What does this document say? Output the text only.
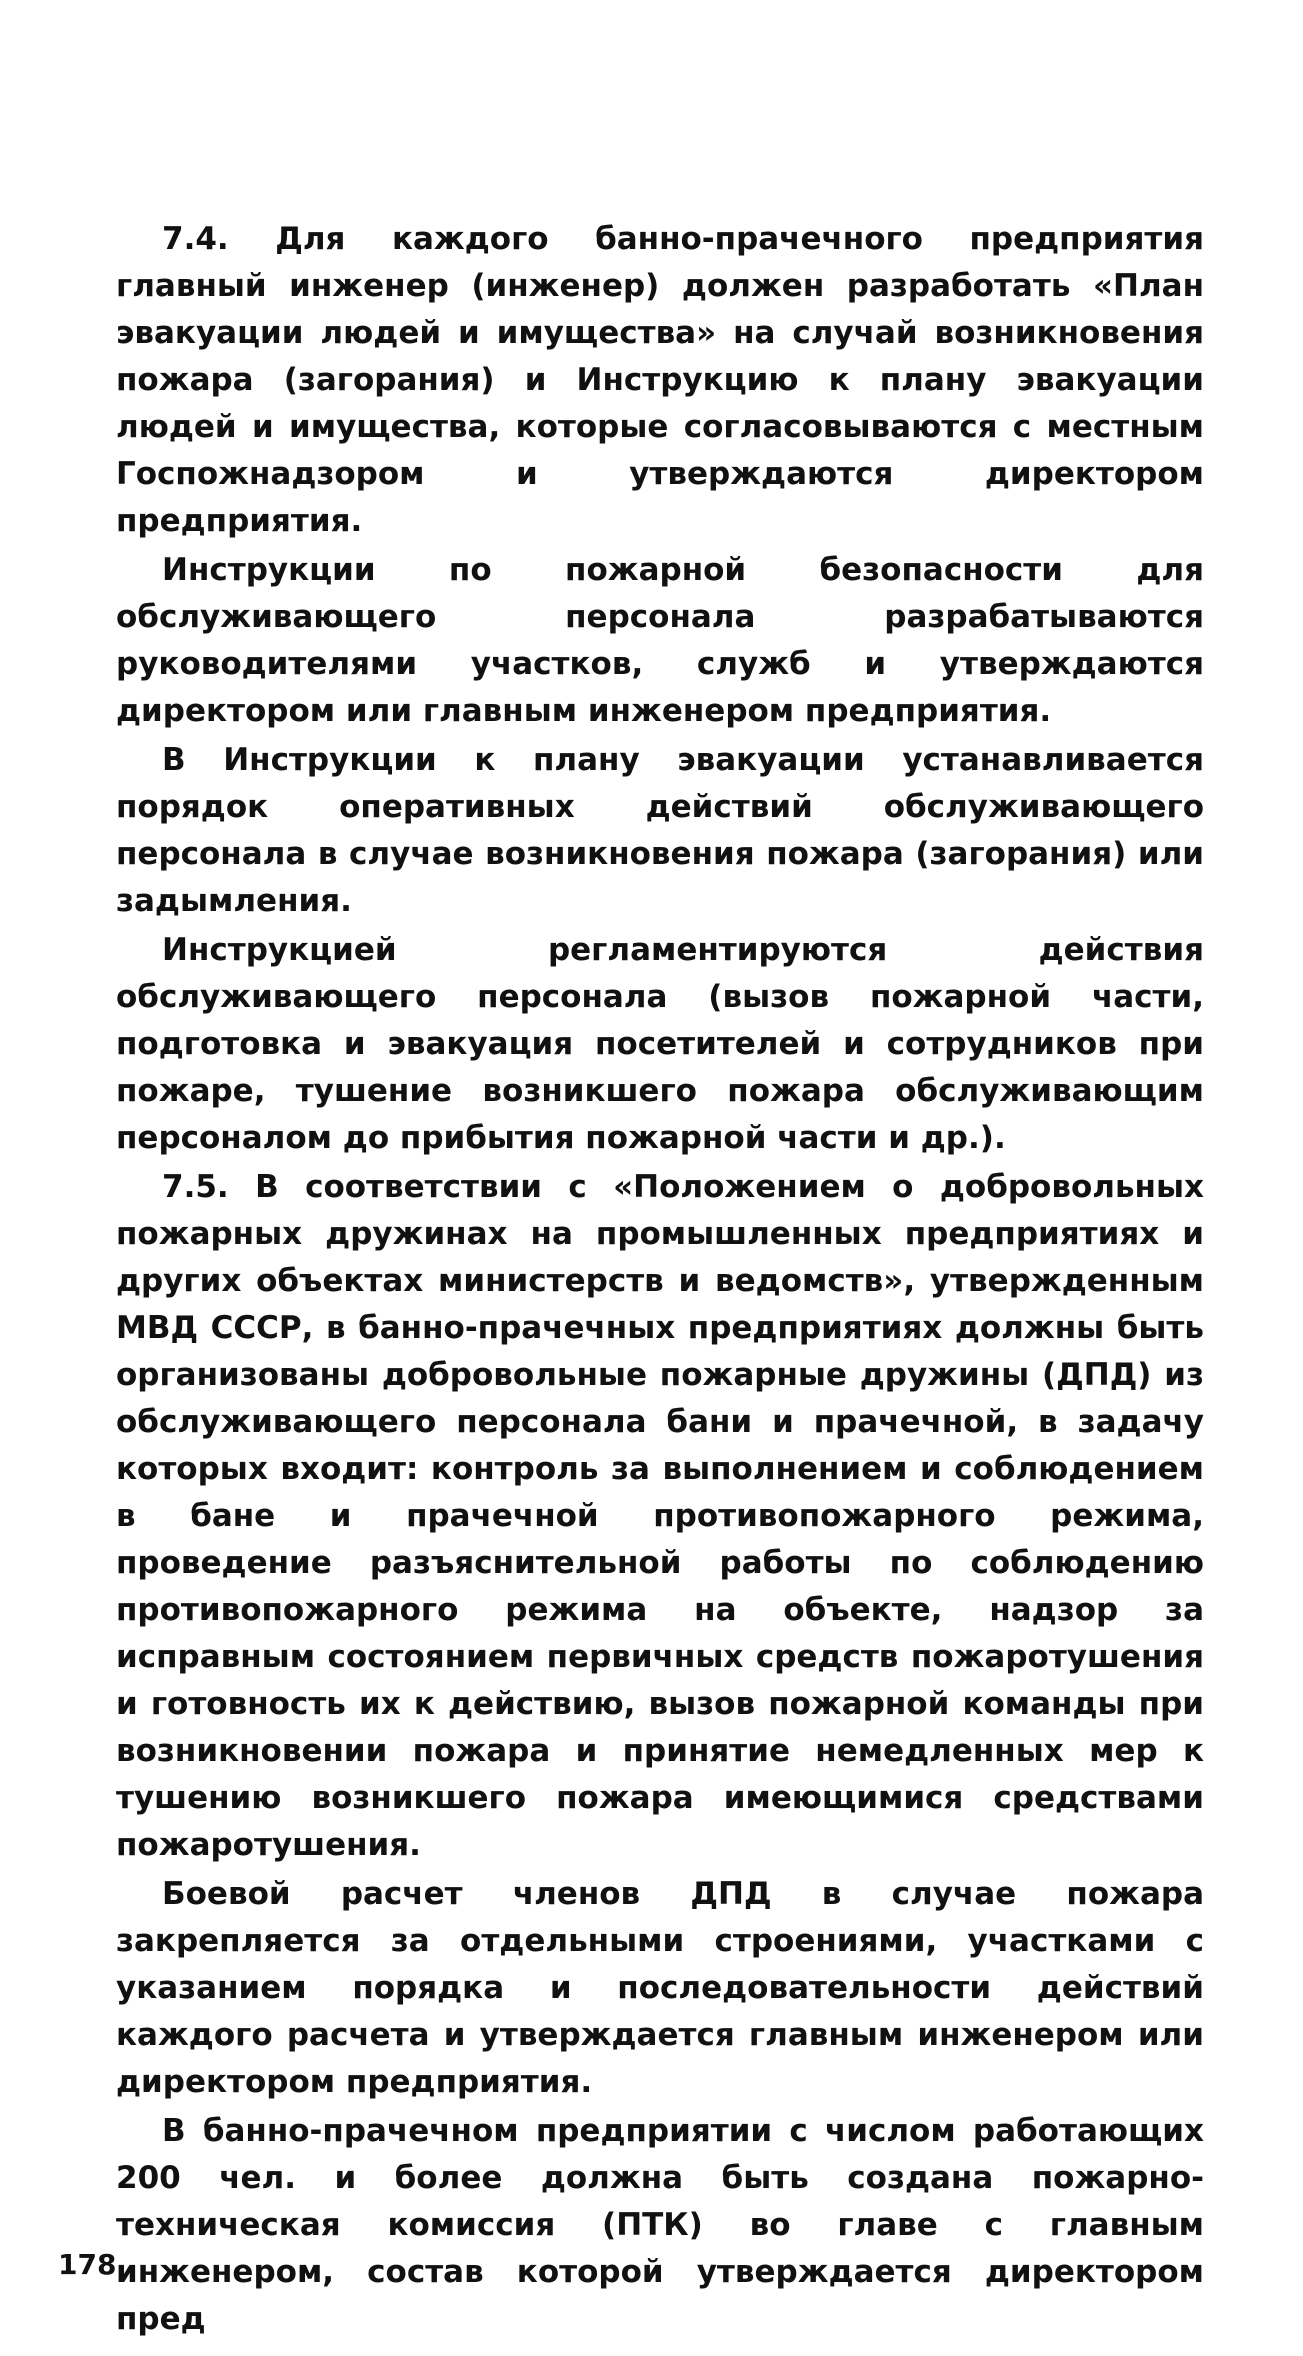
7.4. Для каждого банно-прачечного предприятия главный инженер (инженер) должен разработать «План эвакуации людей и имущества» на случай возникновения пожара (загорания) и Инструкцию к плану эвакуации людей и имущества, которые согласовываются с местным Госпожнадзором и утверждаются директором предприятия.

Инструкции по пожарной безопасности для обслуживающего персонала разрабатываются руководителями участков, служб и утверждаются директором или главным инженером предприятия.

В Инструкции к плану эвакуации устанавливается порядок оперативных действий обслуживающего персонала в случае возникновения пожара (загорания) или задымления.

Инструкцией регламентируются действия обслуживающего персонала (вызов пожарной части, подготовка и эвакуация посетителей и сотрудников при пожаре, тушение возникшего пожара обслуживающим персоналом до прибытия пожарной части и др.).

7.5. В соответствии с «Положением о добровольных пожарных дружинах на промышленных предприятиях и других объектах министерств и ведомств», утвержденным МВД СССР, в банно-прачечных предприятиях должны быть организованы добровольные пожарные дружины (ДПД) из обслуживающего персонала бани и прачечной, в задачу которых входит: контроль за выполнением и соблюдением в бане и прачечной противопожарного режима, проведение разъяснительной работы по соблюдению противопожарного режима на объекте, надзор за исправным состоянием первичных средств пожаротушения и готовность их к действию, вызов пожарной команды при возникновении пожара и принятие немедленных мер к тушению возникшего пожара имеющимися средствами пожаротушения.

Боевой расчет членов ДПД в случае пожара закрепляется за отдельными строениями, участками с указанием порядка и последовательности действий каждого расчета и утверждается главным инженером или директором предприятия.

В банно-прачечном предприятии с числом работающих 200 чел. и более должна быть создана пожарно-техническая комиссия (ПТК) во главе с главным инженером, состав которой утверждается директором пред

178
